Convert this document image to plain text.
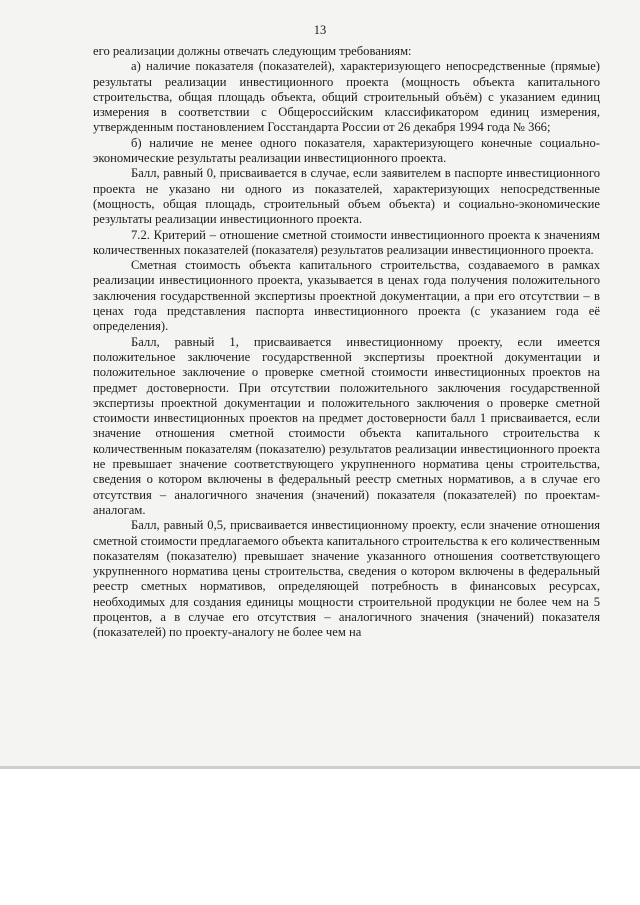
13

его реализации должны отвечать следующим требованиям:

а) наличие показателя (показателей), характеризующего непосредственные (прямые) результаты реализации инвестиционного проекта (мощность объекта капитального строительства, общая площадь объекта, общий строительный объём) с указанием единиц измерения в соответствии с Общероссийским классификатором единиц измерения, утвержденным постановлением Госстандарта России от 26 декабря 1994 года № 366;

б) наличие не менее одного показателя, характеризующего конечные социально-экономические результаты реализации инвестиционного проекта.

Балл, равный 0, присваивается в случае, если заявителем в паспорте инвестиционного проекта не указано ни одного из показателей, характеризующих непосредственные (мощность, общая площадь, строительный объем объекта) и социально-экономические результаты реализации инвестиционного проекта.

7.2. Критерий – отношение сметной стоимости инвестиционного проекта к значениям количественных показателей (показателя) результатов реализации инвестиционного проекта.

Сметная стоимость объекта капитального строительства, создаваемого в рамках реализации инвестиционного проекта, указывается в ценах года получения положительного заключения государственной экспертизы проектной документации, а при его отсутствии – в ценах года представления паспорта инвестиционного проекта (с указанием года её определения).

Балл, равный 1, присваивается инвестиционному проекту, если имеется положительное заключение государственной экспертизы проектной документации и положительное заключение о проверке сметной стоимости инвестиционных проектов на предмет достоверности. При отсутствии положительного заключения государственной экспертизы проектной документации и положительного заключения о проверке сметной стоимости инвестиционных проектов на предмет достоверности балл 1 присваивается, если значение отношения сметной стоимости объекта капитального строительства к количественным показателям (показателю) результатов реализации инвестиционного проекта не превышает значение соответствующего укрупненного норматива цены строительства, сведения о котором включены в федеральный реестр сметных нормативов, а в случае его отсутствия – аналогичного значения (значений) показателя (показателей) по проектам-аналогам.

Балл, равный 0,5, присваивается инвестиционному проекту, если значение отношения сметной стоимости предлагаемого объекта капитального строительства к его количественным показателям (показателю) превышает значение указанного отношения соответствующего укрупненного норматива цены строительства, сведения о котором включены в федеральный реестр сметных нормативов, определяющей потребность в финансовых ресурсах, необходимых для создания единицы мощности строительной продукции не более чем на 5 процентов, а в случае его отсутствия – аналогичного значения (значений) показателя (показателей) по проекту-аналогу не более чем на
